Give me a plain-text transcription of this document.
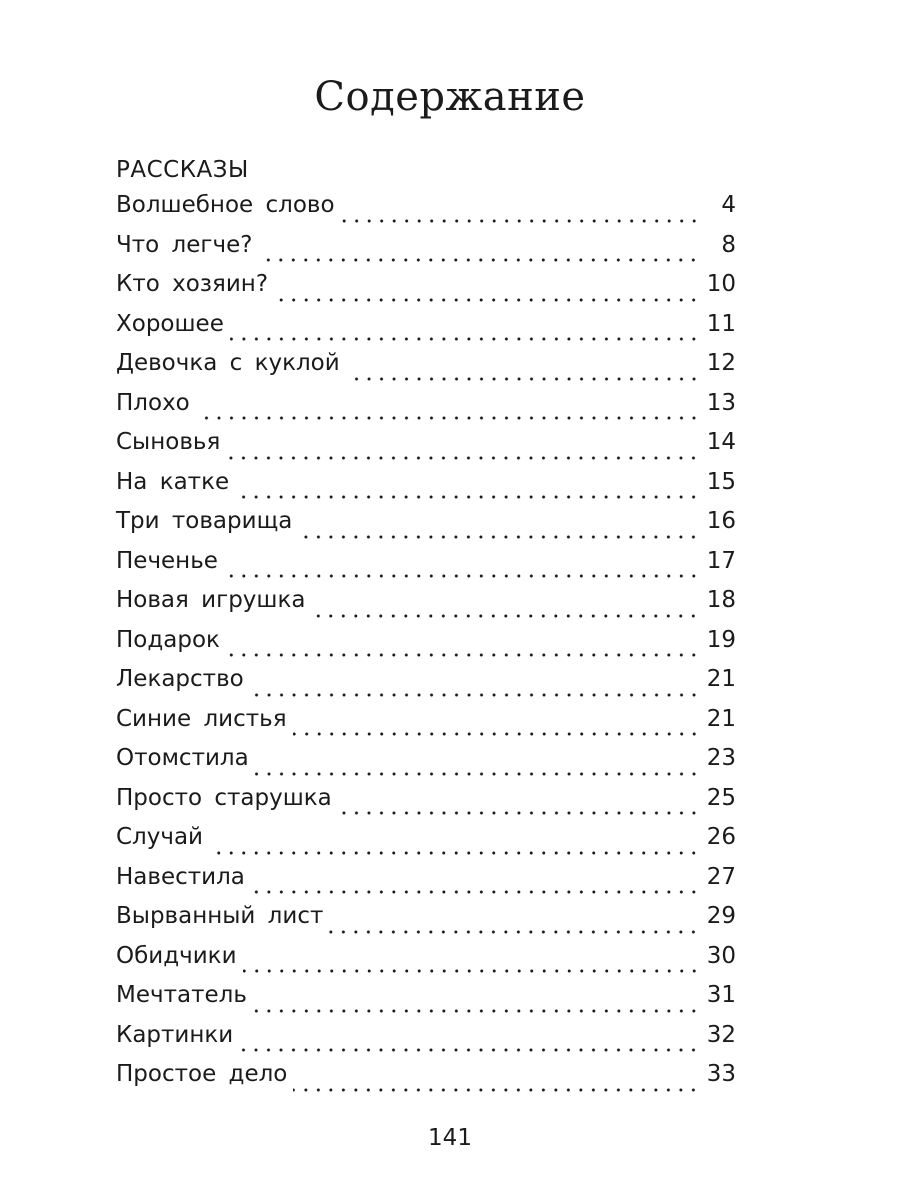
Содержание
РАССКАЗЫ
Волшебное слово	4
Что легче?	8
Кто хозяин?	10
Хорошее	11
Девочка с куклой	12
Плохо	13
Сыновья	14
На катке	15
Три товарища	16
Печенье	17
Новая игрушка	18
Подарок	19
Лекарство	21
Синие листья	21
Отомстила	23
Просто старушка	25
Случай	26
Навестила	27
Вырванный лист	29
Обидчики	30
Мечтатель	31
Картинки	32
Простое дело	33
141
